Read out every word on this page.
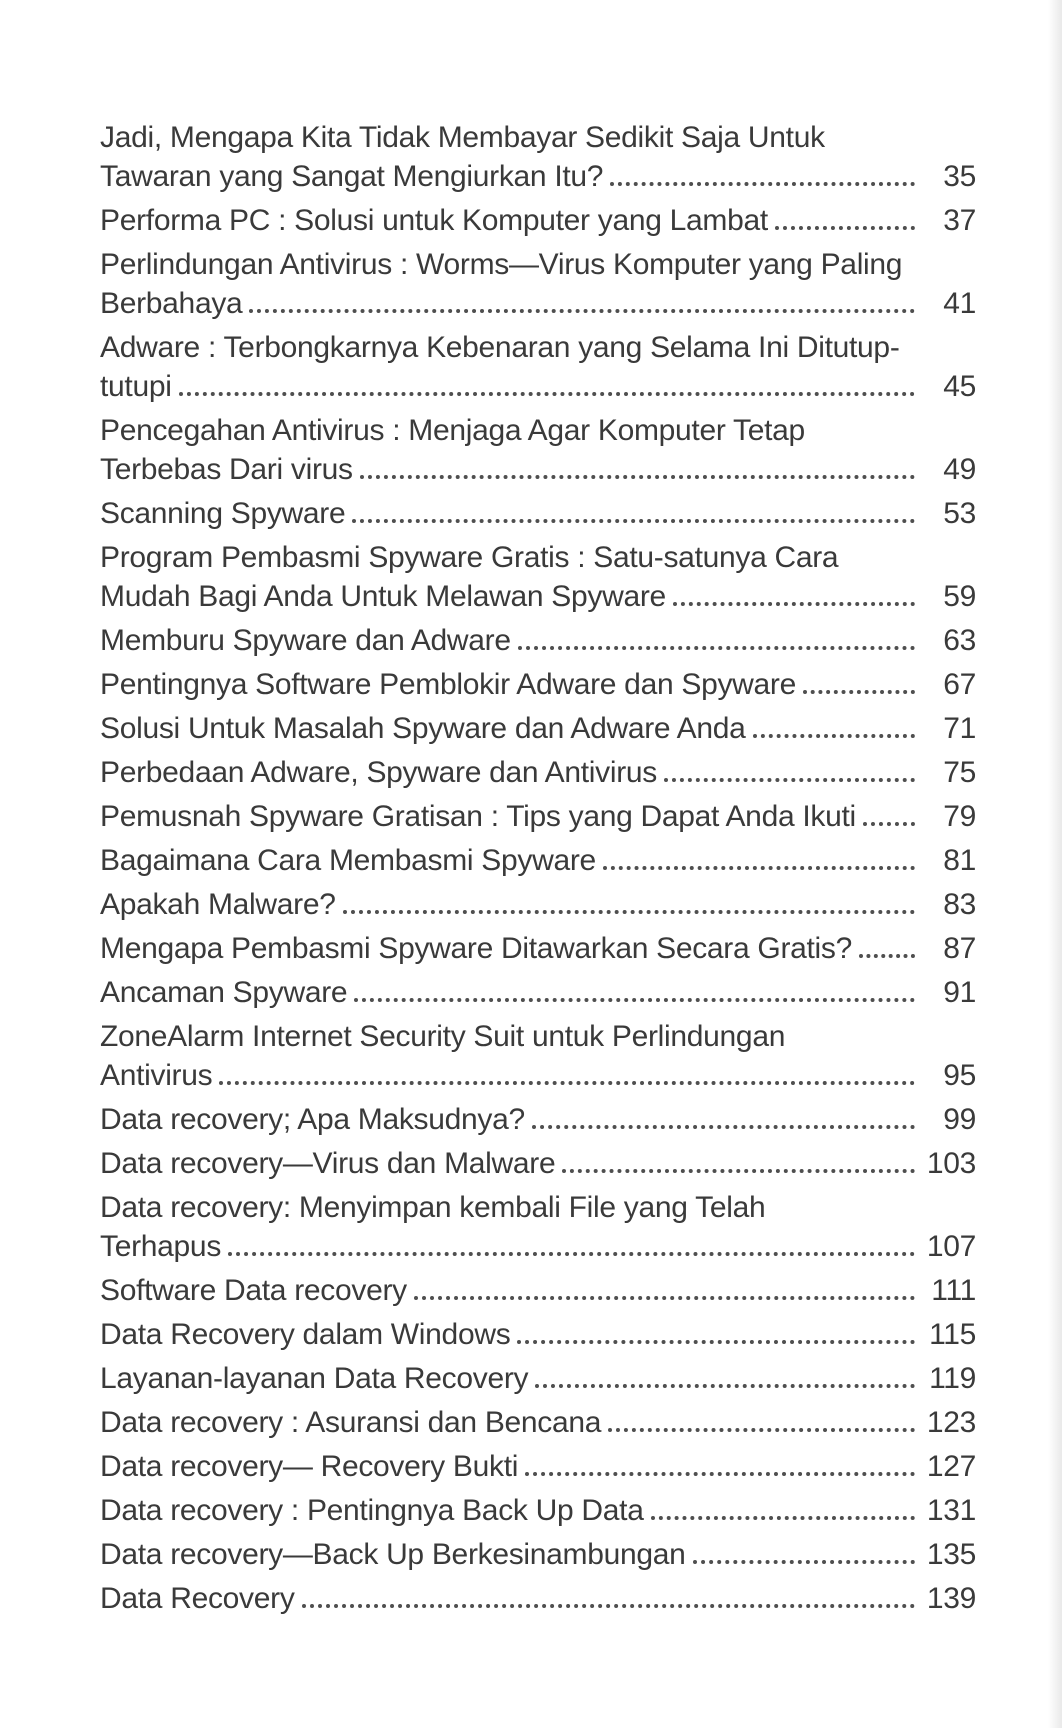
Jadi, Mengapa Kita Tidak Membayar Sedikit Saja Untuk
Tawaran yang Sangat Mengiurkan Itu?	35
Performa PC : Solusi untuk Komputer yang Lambat	37
Perlindungan Antivirus : Worms—Virus Komputer yang Paling
Berbahaya	41
Adware : Terbongkarnya Kebenaran yang Selama Ini Ditutup-
tutupi	45
Pencegahan Antivirus : Menjaga Agar Komputer Tetap
Terbebas Dari virus	49
Scanning Spyware	53
Program Pembasmi Spyware Gratis : Satu-satunya Cara
Mudah Bagi Anda Untuk Melawan Spyware	59
Memburu Spyware dan Adware	63
Pentingnya Software Pemblokir Adware dan Spyware	67
Solusi Untuk Masalah Spyware dan Adware Anda	71
Perbedaan Adware, Spyware dan Antivirus	75
Pemusnah Spyware Gratisan : Tips yang Dapat Anda Ikuti	79
Bagaimana Cara Membasmi Spyware	81
Apakah Malware?	83
Mengapa Pembasmi Spyware Ditawarkan Secara Gratis?	87
Ancaman Spyware	91
ZoneAlarm Internet Security Suit untuk Perlindungan
Antivirus	95
Data recovery; Apa Maksudnya?	99
Data recovery—Virus dan Malware	103
Data recovery: Menyimpan kembali File yang Telah
Terhapus	107
Software Data recovery	111
Data Recovery dalam Windows	115
Layanan-layanan Data Recovery	119
Data recovery : Asuransi dan Bencana	123
Data recovery— Recovery Bukti	127
Data recovery : Pentingnya Back Up Data	131
Data recovery—Back Up Berkesinambungan	135
Data Recovery	139
